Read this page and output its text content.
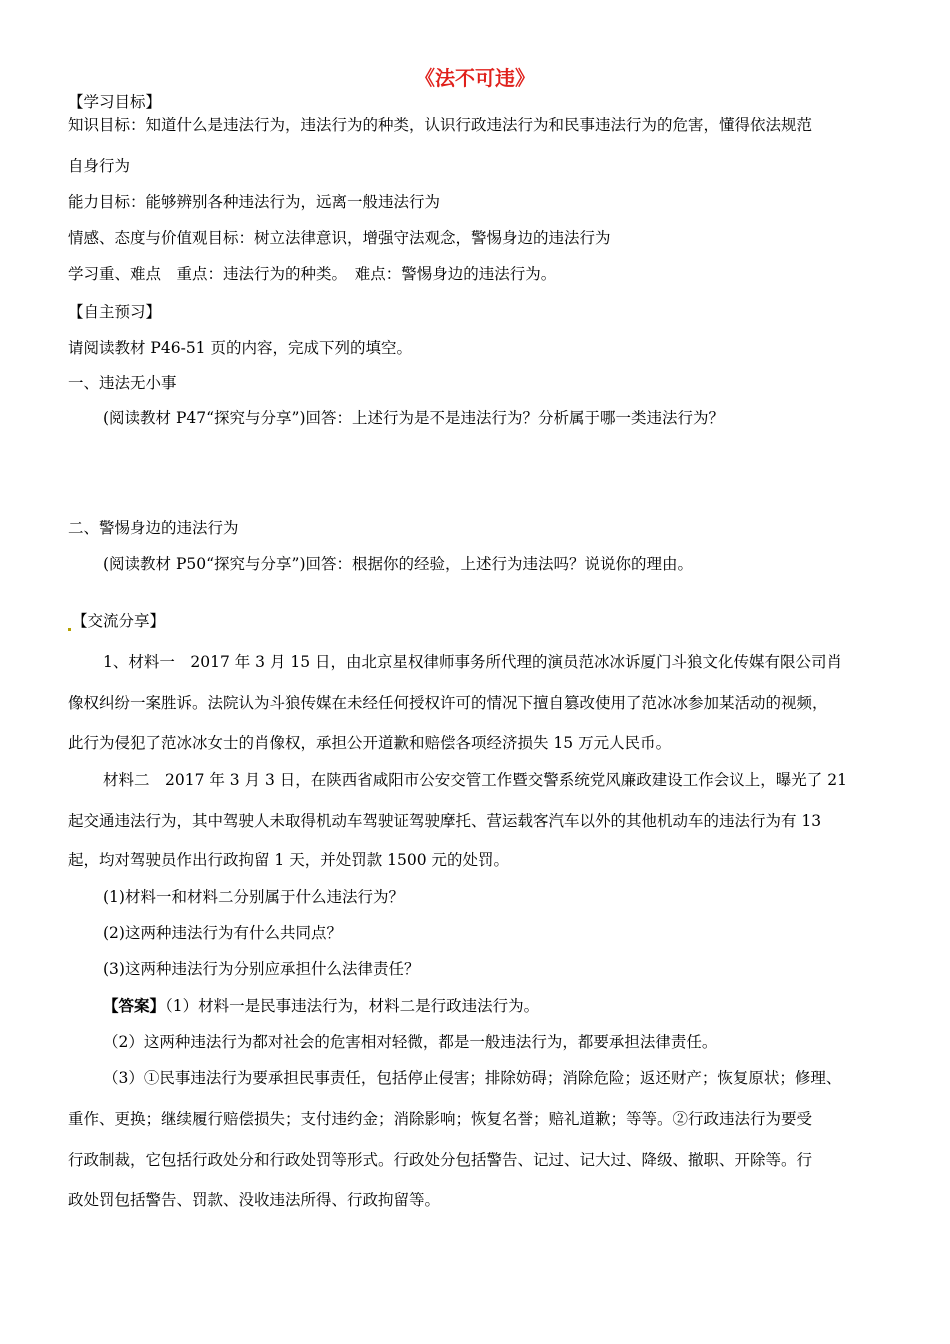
《法不可违》
【学习目标】
知识目标：知道什么是违法行为，违法行为的种类，认识行政违法行为和民事违法行为的危害，懂得依法规范
自身行为
能力目标：能够辨别各种违法行为，远离一般违法行为
情感、态度与价值观目标：树立法律意识，增强守法观念，警惕身边的违法行为
学习重、难点　重点：违法行为的种类。　难点：警惕身边的违法行为。
【自主预习】
请阅读教材 P46-51 页的内容，完成下列的填空。
一、违法无小事
(阅读教材 P47“探究与分享”)回答：上述行为是不是违法行为？分析属于哪一类违法行为？
二、警惕身边的违法行为
(阅读教材 P50“探究与分享”)回答：根据你的经验，上述行为违法吗？说说你的理由。
【交流分享】
1、材料一　2017 年 3 月 15 日，由北京星权律师事务所代理的演员范冰冰诉厦门斗狼文化传媒有限公司肖
像权纠纷一案胜诉。法院认为斗狼传媒在未经任何授权许可的情况下擅自篡改使用了范冰冰参加某活动的视频，
此行为侵犯了范冰冰女士的肖像权，承担公开道歉和赔偿各项经济损失 15 万元人民币。
材料二　2017 年 3 月 3 日，在陕西省咸阳市公安交管工作暨交警系统党风廉政建设工作会议上，曝光了 21
起交通违法行为，其中驾驶人未取得机动车驾驶证驾驶摩托、营运载客汽车以外的其他机动车的违法行为有 13
起，均对驾驶员作出行政拘留 1 天，并处罚款 1500 元的处罚。
(1)材料一和材料二分别属于什么违法行为？
(2)这两种违法行为有什么共同点？
(3)这两种违法行为分别应承担什么法律责任？
【答案】（1）材料一是民事违法行为，材料二是行政违法行为。
（2）这两种违法行为都对社会的危害相对轻微，都是一般违法行为，都要承担法律责任。
（3）①民事违法行为要承担民事责任，包括停止侵害；排除妨碍；消除危险；返还财产；恢复原状；修理、
重作、更换；继续履行赔偿损失；支付违约金；消除影响；恢复名誉；赔礼道歉；等等。②行政违法行为要受
行政制裁，它包括行政处分和行政处罚等形式。行政处分包括警告、记过、记大过、降级、撤职、开除等。行
政处罚包括警告、罚款、没收违法所得、行政拘留等。
